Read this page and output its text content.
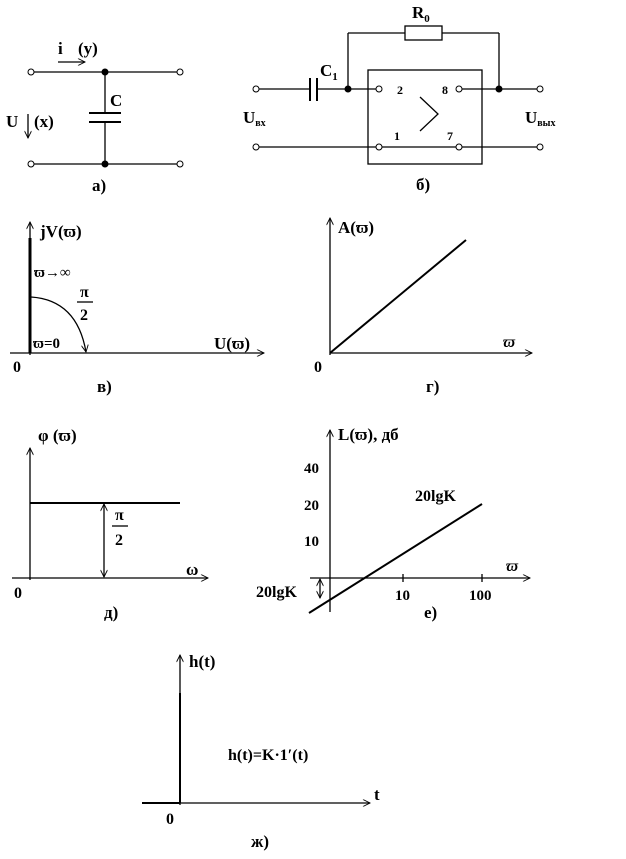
i (y)
U (x)
C
а)
$R_0$
$C_1$
2	8
1	7
Uвх	Uвых
б)
jV(ϖ)
U(ϖ)
0
ϖ→∞
ϖ=0
π
2
в)
A(ϖ)
ϖ
0
г)
φ (ϖ)
ω
0
π
2
д)
L(ϖ), дб
ϖ
40
20
10
10	100
20lgK
20lgK
е)
h(t)
t
0
h(t)=K·1′(t)
ж)
